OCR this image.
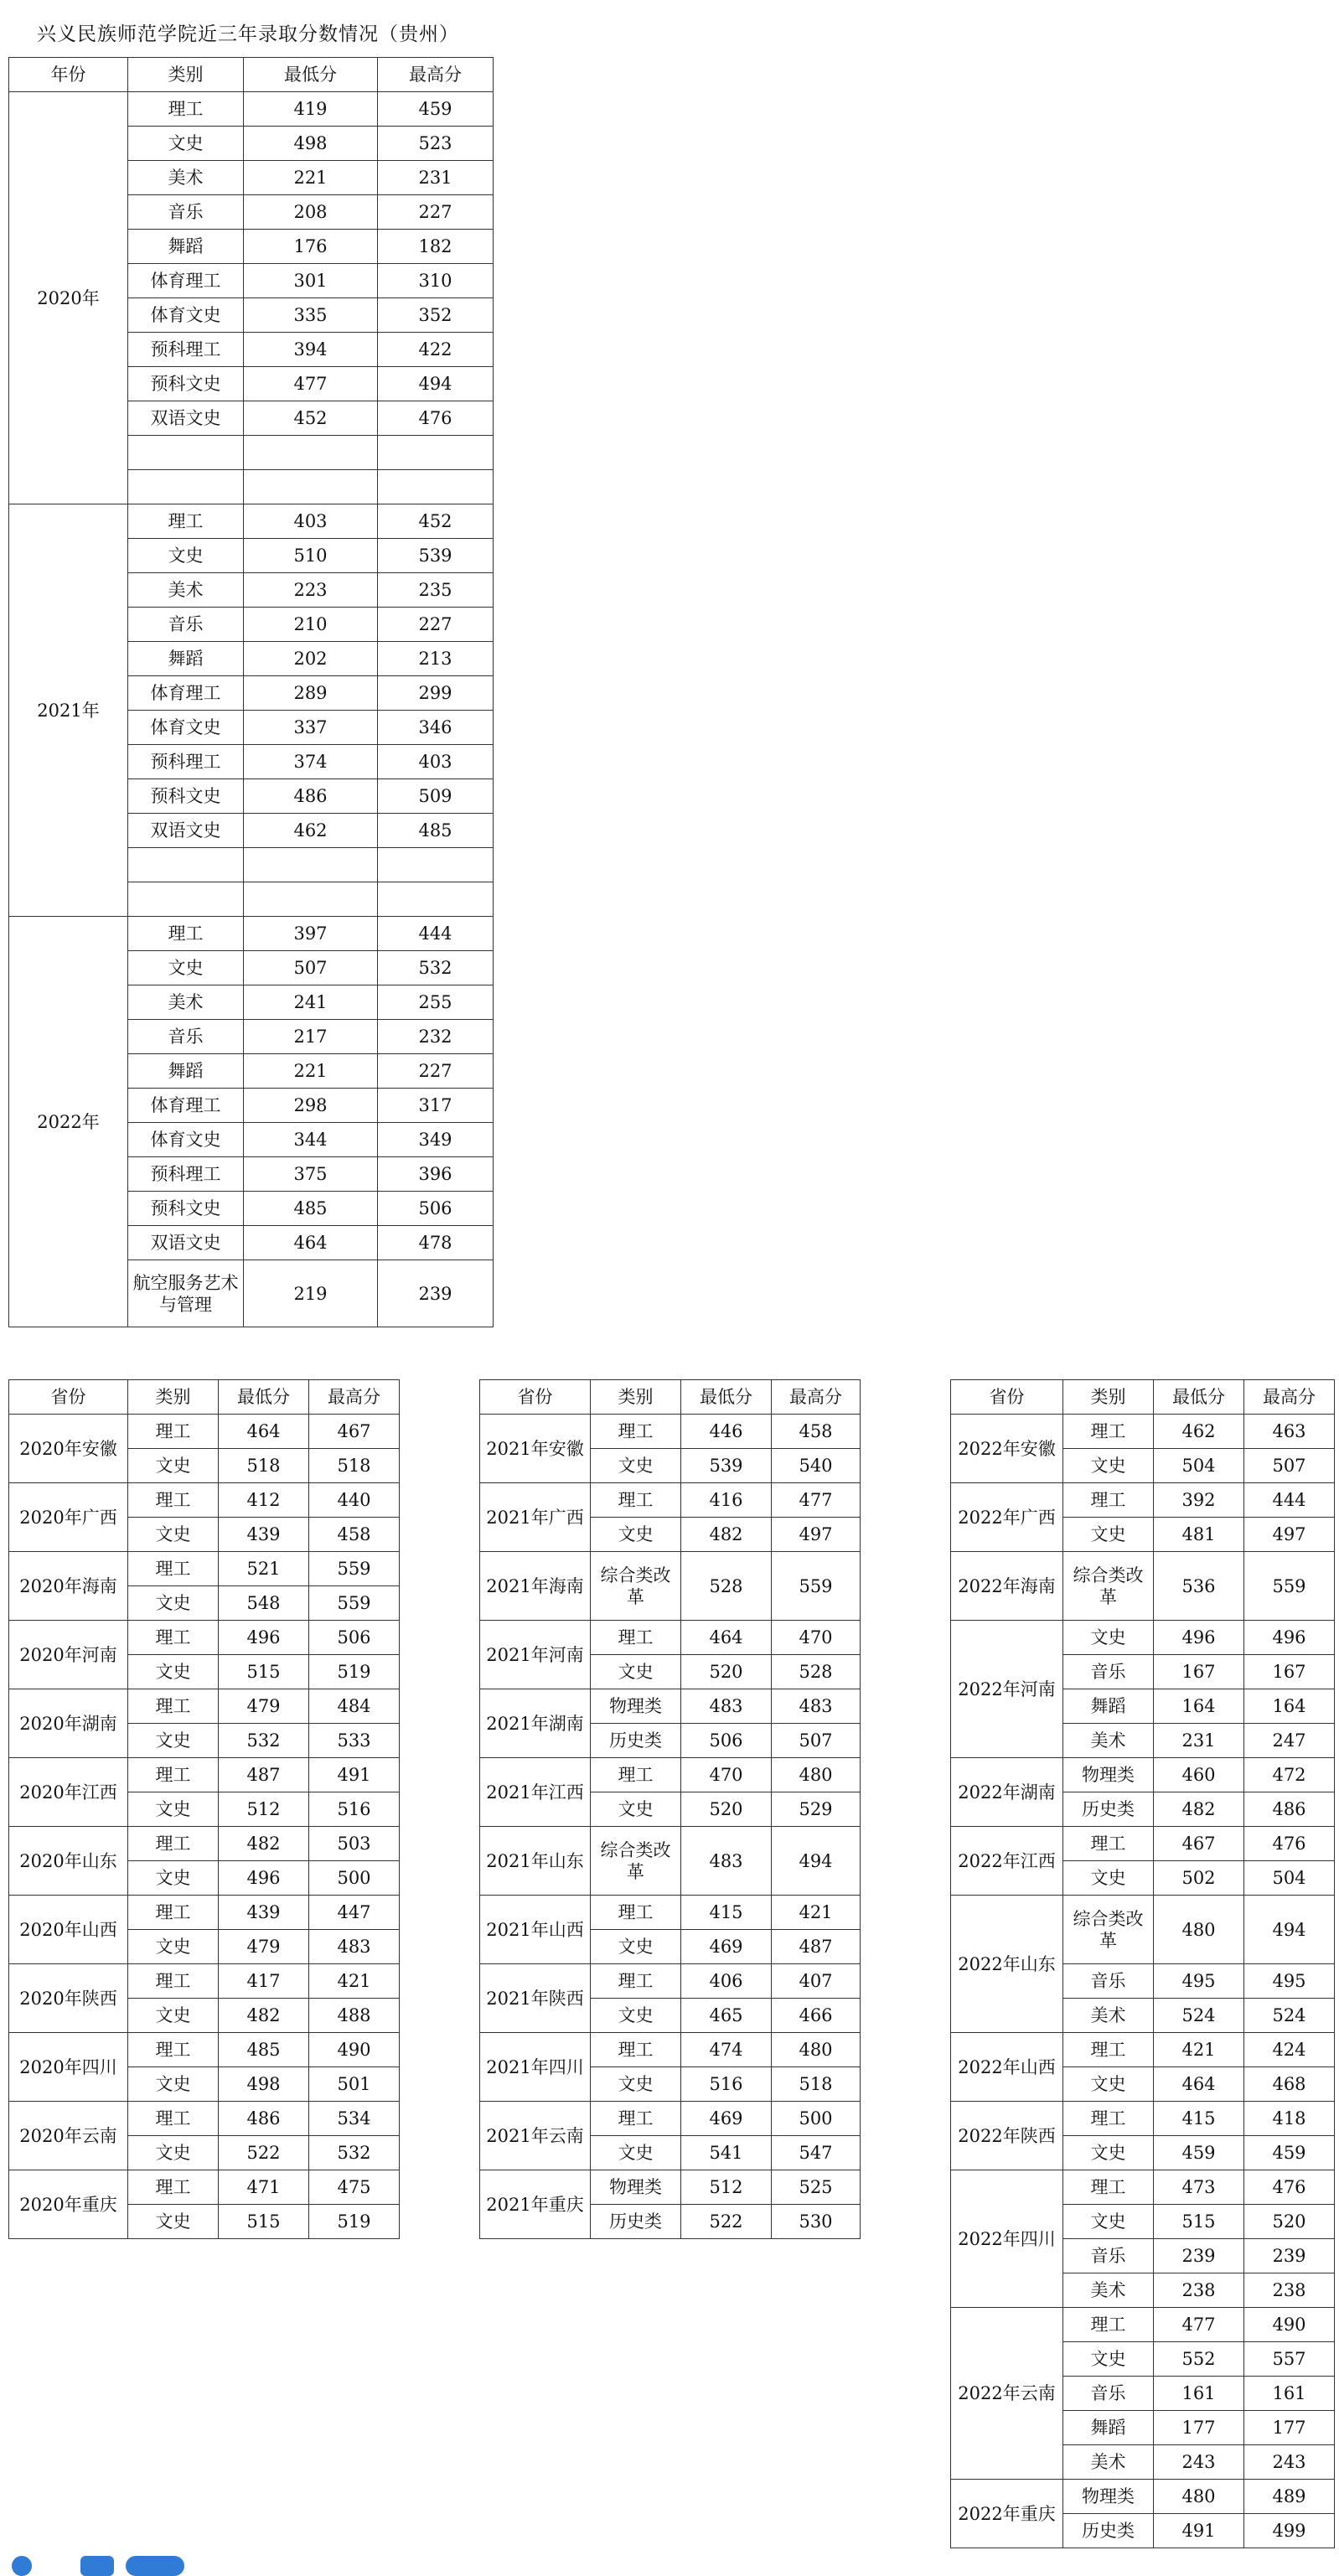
兴义民族师范学院近三年录取分数情况（贵州）
年份	类别	最低分	最高分
2020年	理工	419	459
	文史	498	523
	美术	221	231
	音乐	208	227
	舞蹈	176	182
	体育理工	301	310
	体育文史	335	352
	预科理工	394	422
	预科文史	477	494
	双语文史	452	476

2021年	理工	403	452
	文史	510	539
	美术	223	235
	音乐	210	227
	舞蹈	202	213
	体育理工	289	299
	体育文史	337	346
	预科理工	374	403
	预科文史	486	509
	双语文史	462	485

2022年	理工	397	444
	文史	507	532
	美术	241	255
	音乐	217	232
	舞蹈	221	227
	体育理工	298	317
	体育文史	344	349
	预科理工	375	396
	预科文史	485	506
	双语文史	464	478
	航空服务艺术与管理	219	239
省份	类别	最低分	最高分
2020年安徽	理工	464	467
	文史	518	518
2020年广西	理工	412	440
	文史	439	458
2020年海南	理工	521	559
	文史	548	559
2020年河南	理工	496	506
	文史	515	519
2020年湖南	理工	479	484
	文史	532	533
2020年江西	理工	487	491
	文史	512	516
2020年山东	理工	482	503
	文史	496	500
2020年山西	理工	439	447
	文史	479	483
2020年陕西	理工	417	421
	文史	482	488
2020年四川	理工	485	490
	文史	498	501
2020年云南	理工	486	534
	文史	522	532
2020年重庆	理工	471	475
	文史	515	519
省份	类别	最低分	最高分
2021年安徽	理工	446	458
	文史	539	540
2021年广西	理工	416	477
	文史	482	497
2021年海南	综合类改革	528	559
2021年河南	理工	464	470
	文史	520	528
2021年湖南	物理类	483	483
	历史类	506	507
2021年江西	理工	470	480
	文史	520	529
2021年山东	综合类改革	483	494
2021年山西	理工	415	421
	文史	469	487
2021年陕西	理工	406	407
	文史	465	466
2021年四川	理工	474	480
	文史	516	518
2021年云南	理工	469	500
	文史	541	547
2021年重庆	物理类	512	525
	历史类	522	530
省份	类别	最低分	最高分
2022年安徽	理工	462	463
	文史	504	507
2022年广西	理工	392	444
	文史	481	497
2022年海南	综合类改革	536	559
2022年河南	文史	496	496
	音乐	167	167
	舞蹈	164	164
	美术	231	247
2022年湖南	物理类	460	472
	历史类	482	486
2022年江西	理工	467	476
	文史	502	504
2022年山东	综合类改革	480	494
	音乐	495	495
	美术	524	524
2022年山西	理工	421	424
	文史	464	468
2022年陕西	理工	415	418
	文史	459	459
2022年四川	理工	473	476
	文史	515	520
	音乐	239	239
	美术	238	238
2022年云南	理工	477	490
	文史	552	557
	音乐	161	161
	舞蹈	177	177
	美术	243	243
2022年重庆	物理类	480	489
	历史类	491	499
